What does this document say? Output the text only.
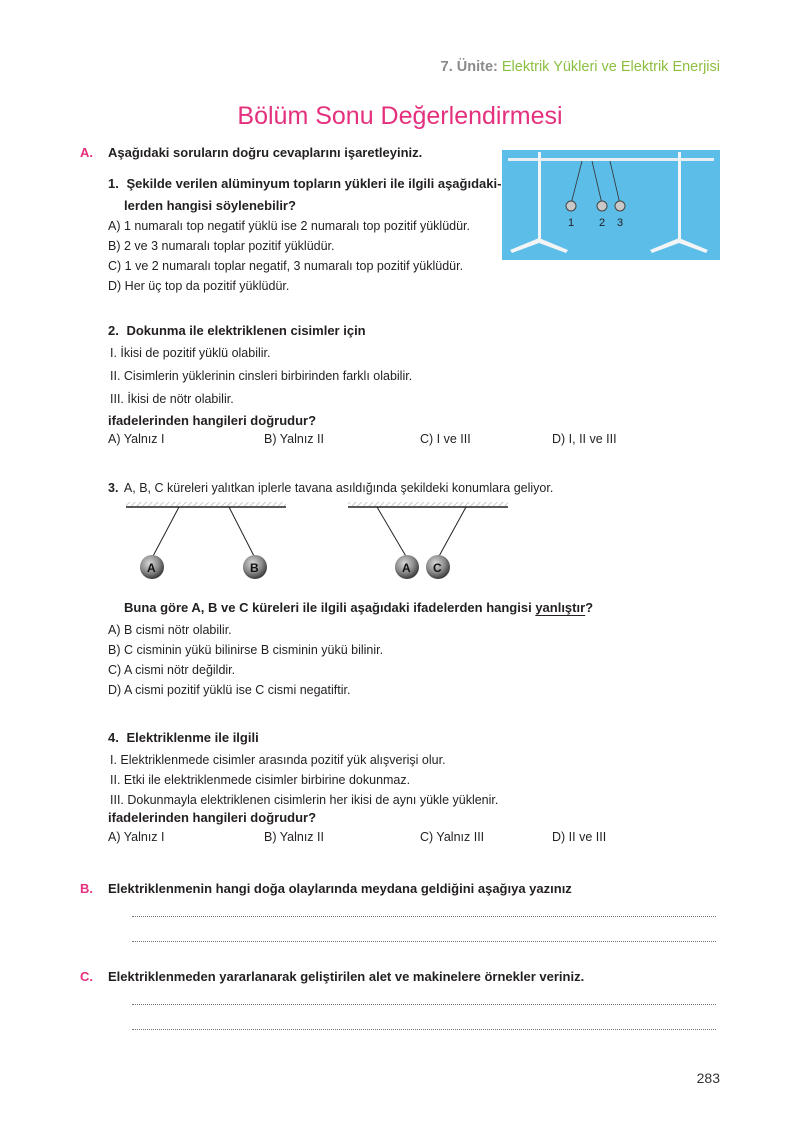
7. Ünite: Elektrik Yükleri ve Elektrik Enerjisi
Bölüm Sonu Değerlendirmesi
A. Aşağıdaki soruların doğru cevaplarını işaretleyiniz.
1. Şekilde verilen alüminyum topların yükleri ile ilgili aşağıdaki-
lerden hangisi söylenebilir?
A) 1 numaralı top negatif yüklü ise 2 numaralı top pozitif yüklüdür.
B) 2 ve 3 numaralı toplar pozitif yüklüdür.
C) 1 ve 2 numaralı toplar negatif, 3 numaralı top pozitif yüklüdür.
D) Her üç top da pozitif yüklüdür.
1 2 3
2. Dokunma ile elektriklenen cisimler için
I. İkisi de pozitif yüklü olabilir.
II. Cisimlerin yüklerinin cinsleri birbirinden farklı olabilir.
III. İkisi de nötr olabilir.
ifadelerinden hangileri doğrudur?
A) Yalnız I	B) Yalnız II	C) I ve III	D) I, II ve III
3. A, B, C küreleri yalıtkan iplerle tavana asıldığında şekildeki konumlara geliyor.
A	B	A C
Buna göre A, B ve C küreleri ile ilgili aşağıdaki ifadelerden hangisi yanlıştır?
A) B cismi nötr olabilir.
B) C cisminin yükü bilinirse B cisminin yükü bilinir.
C) A cismi nötr değildir.
D) A cismi pozitif yüklü ise C cismi negatiftir.
4. Elektriklenme ile ilgili
I. Elektriklenmede cisimler arasında pozitif yük alışverişi olur.
II. Etki ile elektriklenmede cisimler birbirine dokunmaz.
III. Dokunmayla elektriklenen cisimlerin her ikisi de aynı yükle yüklenir.
ifadelerinden hangileri doğrudur?
A) Yalnız I	B) Yalnız II	C) Yalnız III	D) II ve III
B. Elektriklenmenin hangi doğa olaylarında meydana geldiğini aşağıya yazınız
C. Elektriklenmeden yararlanarak geliştirilen alet ve makinelere örnekler veriniz.
283
